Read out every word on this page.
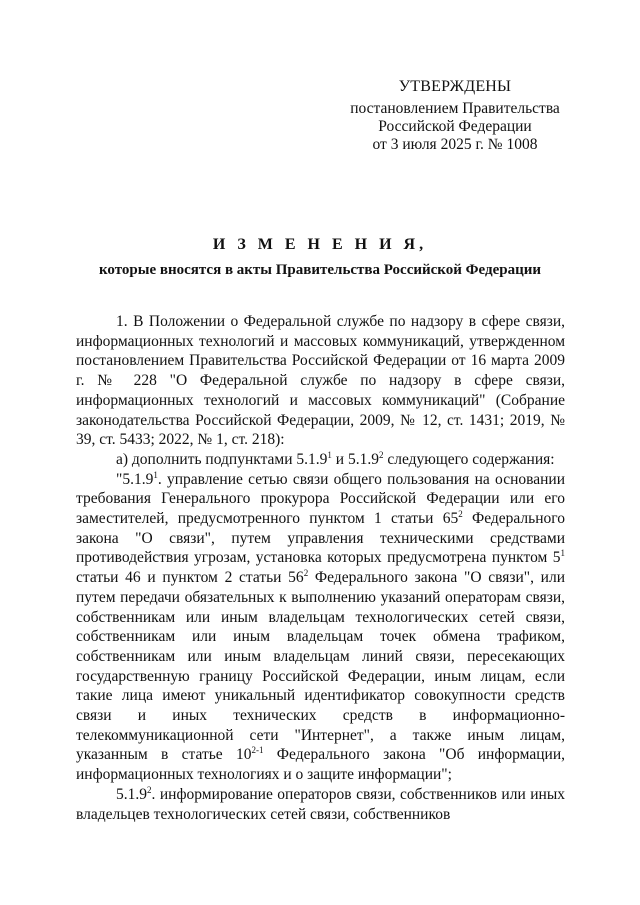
УТВЕРЖДЕНЫ
постановлением Правительства
Российской Федерации
от 3 июля 2025 г. № 1008
И З М Е Н Е Н И Я,
которые вносятся в акты Правительства Российской Федерации

1. В Положении о Федеральной службе по надзору в сфере связи, информационных технологий и массовых коммуникаций, утвержденном постановлением Правительства Российской Федерации от 16 марта 2009 г. № 228 "О Федеральной службе по надзору в сфере связи, информационных технологий и массовых коммуникаций" (Собрание законодательства Российской Федерации, 2009, № 12, ст. 1431; 2019, № 39, ст. 5433; 2022, № 1, ст. 218):

а) дополнить подпунктами 5.1.9$^1$ и 5.1.9$^2$ следующего содержания:

"5.1.9$^1$. управление сетью связи общего пользования на основании требования Генерального прокурора Российской Федерации или его заместителей, предусмотренного пунктом 1 статьи $65^2$ Федерального закона "О связи", путем управления техническими средствами противодействия угрозам, установка которых предусмотрена пунктом $5^1$ статьи 46 и пунктом 2 статьи $56^2$ Федерального закона "О связи", или путем передачи обязательных к выполнению указаний операторам связи, собственникам или иным владельцам технологических сетей связи, собственникам или иным владельцам точек обмена трафиком, собственникам или иным владельцам линий связи, пересекающих государственную границу Российской Федерации, иным лицам, если такие лица имеют уникальный идентификатор совокупности средств связи и иных технических средств в информационно-телекоммуникационной сети "Интернет", а также иным лицам, указанным в статье 10$^{2-1}$ Федерального закона "Об информации, информационных технологиях и о защите информации";

5.1.9$^2$. информирование операторов связи, собственников или иных владельцев технологических сетей связи, собственников
